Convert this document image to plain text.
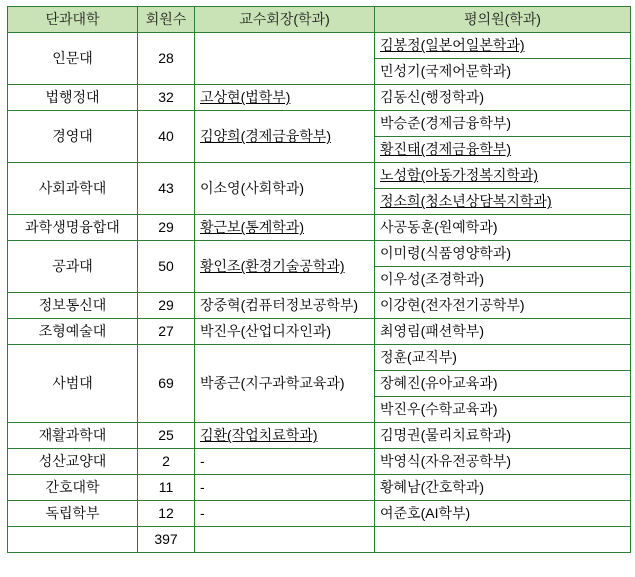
단과대학	회원수	교수회장(학과)	평의원(학과)
인문대	28		김봉정(일본어일본학과)
			민성기(국제어문학과)
법행정대	32	고상현(법학부)	김동신(행정학과)
경영대	40	김양희(경제금융학부)	박승준(경제금융학부)
			황진태(경제금융학부)
사회과학대	43	이소영(사회학과)	노성함(아동가정복지학과)
			정소희(청소년상담복지학과)
과학생명융합대	29	황근보(통계학과)	사공동훈(원예학과)
공과대	50	황인조(환경기술공학과)	이미령(식품영양학과)
			이우성(조경학과)
정보통신대	29	장중혁(컴퓨터정보공학부)	이강현(전자전기공학부)
조형예술대	27	박진우(산업디자인과)	최영림(패션학부)
사범대	69	박종근(지구과학교육과)	정훈(교직부)
			장혜진(유아교육과)
			박진우(수학교육과)
재활과학대	25	김환(작업치료학과)	김명권(물리치료학과)
성산교양대	2	-	박영식(자유전공학부)
간호대학	11	-	황혜남(간호학과)
독립학부	12	-	여준호(AI학부)
	397		
